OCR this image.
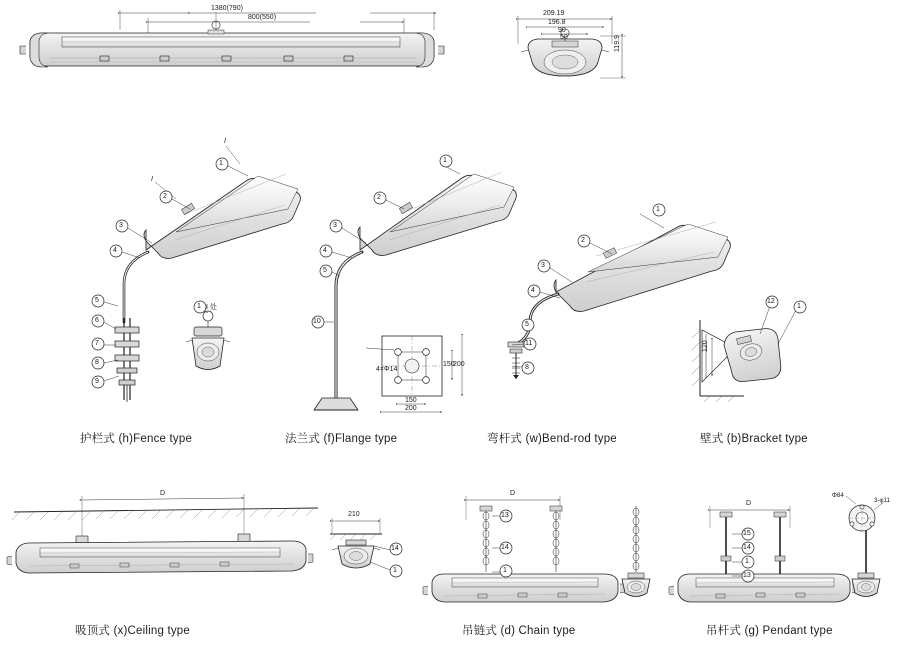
1
2
3
4
5
6
7
8
9
1
1
2
3
4
5
10
1
2
3
4
5
11
8
12
1
14
1
13
14
1
15
14
1
13
I
I
I 处
1380(790)
800(550)
209.19
196.8
90
50	119.9
4×Φ14
150
200
150
200
120
D
210
D
D
Φ84
3-φ11
护栏式 (h)Fence type	法兰式 (f)Flange type	弯杆式 (w)Bend-rod type	壁式 (b)Bracket type
吸顶式 (x)Ceiling type	吊链式 (d) Chain type	吊杆式 (g) Pendant type
